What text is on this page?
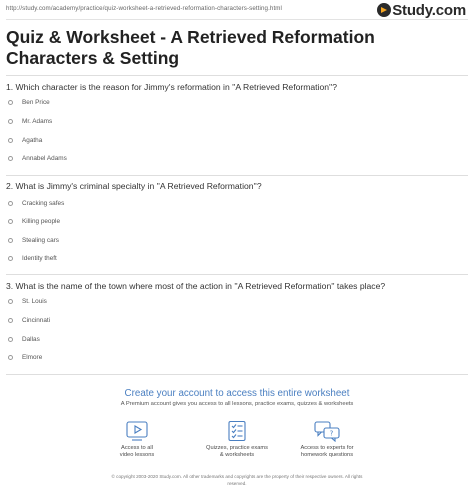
http://study.com/academy/practice/quiz-worksheet-a-retrieved-reformation-characters-setting.html	Study.com
Quiz & Worksheet - A Retrieved Reformation Characters & Setting

1. Which character is the reason for Jimmy's reformation in ''A Retrieved Reformation''?

Ben Price
Mr. Adams
Agatha
Annabel Adams

2. What is Jimmy's criminal specialty in ''A Retrieved Reformation''?

Cracking safes
Killing people
Stealing cars
Identity theft

3. What is the name of the town where most of the action in ''A Retrieved Reformation'' takes place?

St. Louis
Cincinnati
Dallas
Elmore
Create your account to access this entire worksheet
A Premium account gives you access to all lessons, practice exams, quizzes & worksheets
Access to all
video lessons
Quizzes, practice exams
& worksheets
?
Access to experts for
homework questions
© copyright 2003-2020 Study.com. All other trademarks and copyrights are the property of their respective owners. All rights
reserved.
